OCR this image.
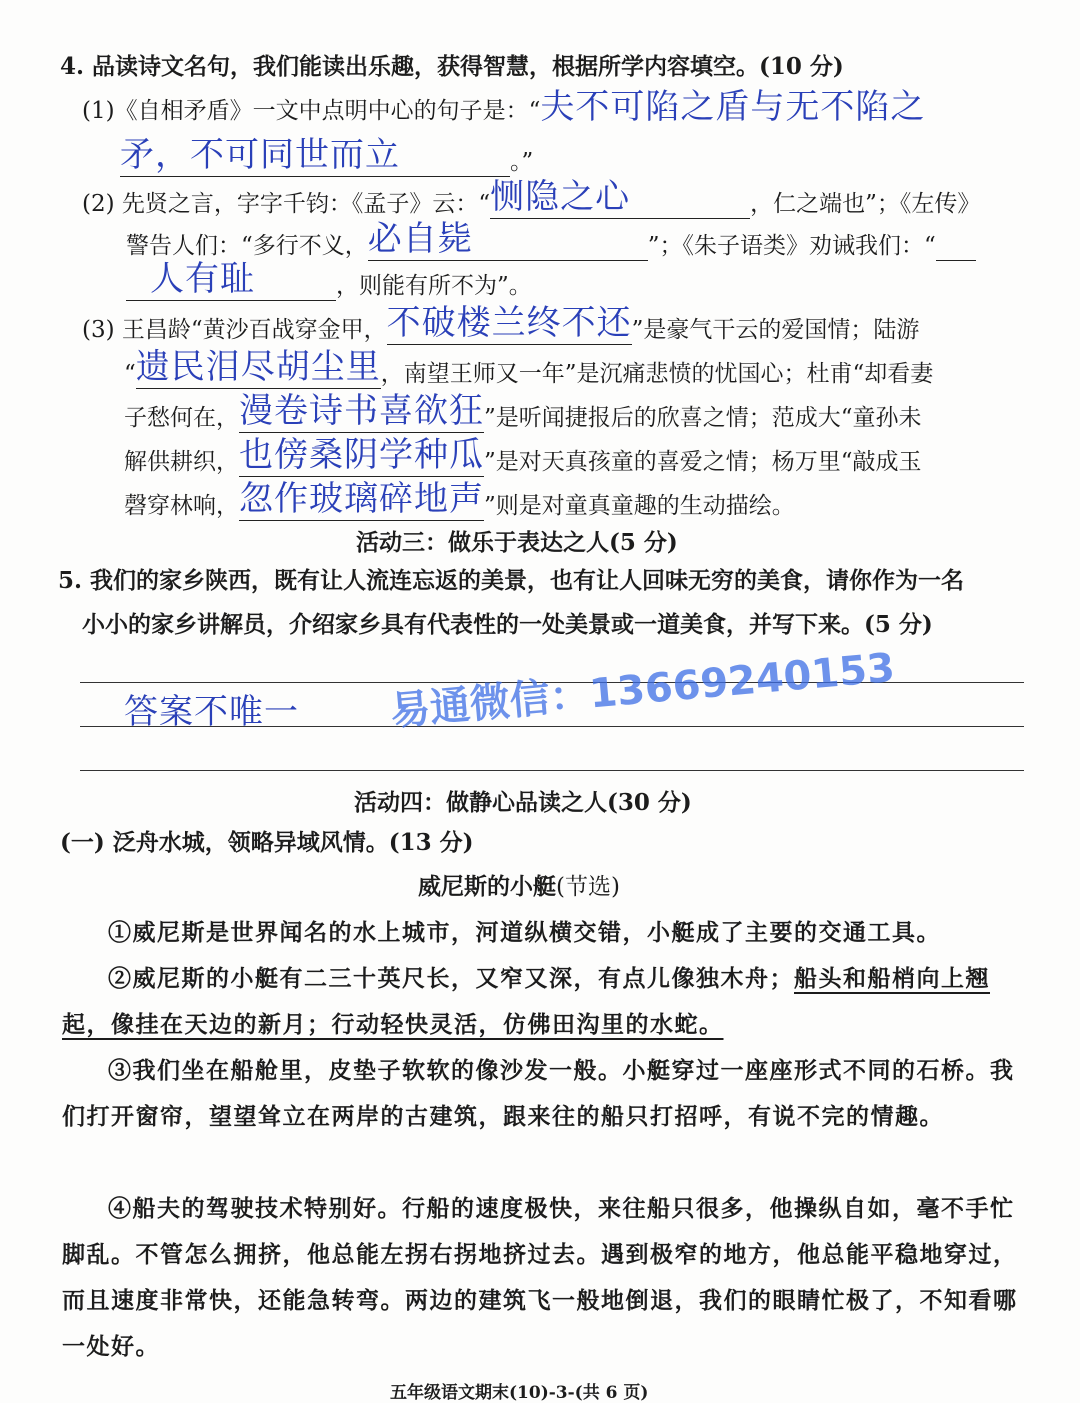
4. 品读诗文名句，我们能读出乐趣，获得智慧，根据所学内容填空。(10 分)
(1)《自相矛盾》一文中点明中心的句子是：“夫不可陷之盾与无不陷之
矛，不可同世而立	。”
(2) 先贤之言，字字千钧：《孟子》云：“恻隐之心	，仁之端也”；《左传》
警告人们：“多行不义，必自毙	”；《朱子语类》劝诫我们：“
人有耻	，则能有所不为”。
(3) 王昌龄“黄沙百战穿金甲，不破楼兰终不还”是豪气干云的爱国情；陆游
“遗民泪尽胡尘里，南望王师又一年”是沉痛悲愤的忧国心；杜甫“却看妻
子愁何在，漫卷诗书喜欲狂”是听闻捷报后的欣喜之情；范成大“童孙未
解供耕织，也傍桑阴学种瓜”是对天真孩童的喜爱之情；杨万里“敲成玉
磬穿林响，忽作玻璃碎地声”则是对童真童趣的生动描绘。
活动三：做乐于表达之人(5 分)
5. 我们的家乡陕西，既有让人流连忘返的美景，也有让人回味无穷的美食，请你作为一名
小小的家乡讲解员，介绍家乡具有代表性的一处美景或一道美食，并写下来。(5 分)
答案不唯一 易通微信：13669240153
活动四：做静心品读之人(30 分)
(一) 泛舟水城，领略异域风情。(13 分)
威尼斯的小艇(节选)
①威尼斯是世界闻名的水上城市，河道纵横交错，小艇成了主要的交通工具。
②威尼斯的小艇有二三十英尺长，又窄又深，有点儿像独木舟；船头和船梢向上翘起，像挂在天边的新月；行动轻快灵活，仿佛田沟里的水蛇。
③我们坐在船舱里，皮垫子软软的像沙发一般。小艇穿过一座座形式不同的石桥。我们打开窗帘，望望耸立在两岸的古建筑，跟来往的船只打招呼，有说不完的情趣。
④船夫的驾驶技术特别好。行船的速度极快，来往船只很多，他操纵自如，毫不手忙脚乱。不管怎么拥挤，他总能左拐右拐地挤过去。遇到极窄的地方，他总能平稳地穿过，而且速度非常快，还能急转弯。两边的建筑飞一般地倒退，我们的眼睛忙极了，不知看哪一处好。
五年级语文期末(10)-3-(共 6 页)
